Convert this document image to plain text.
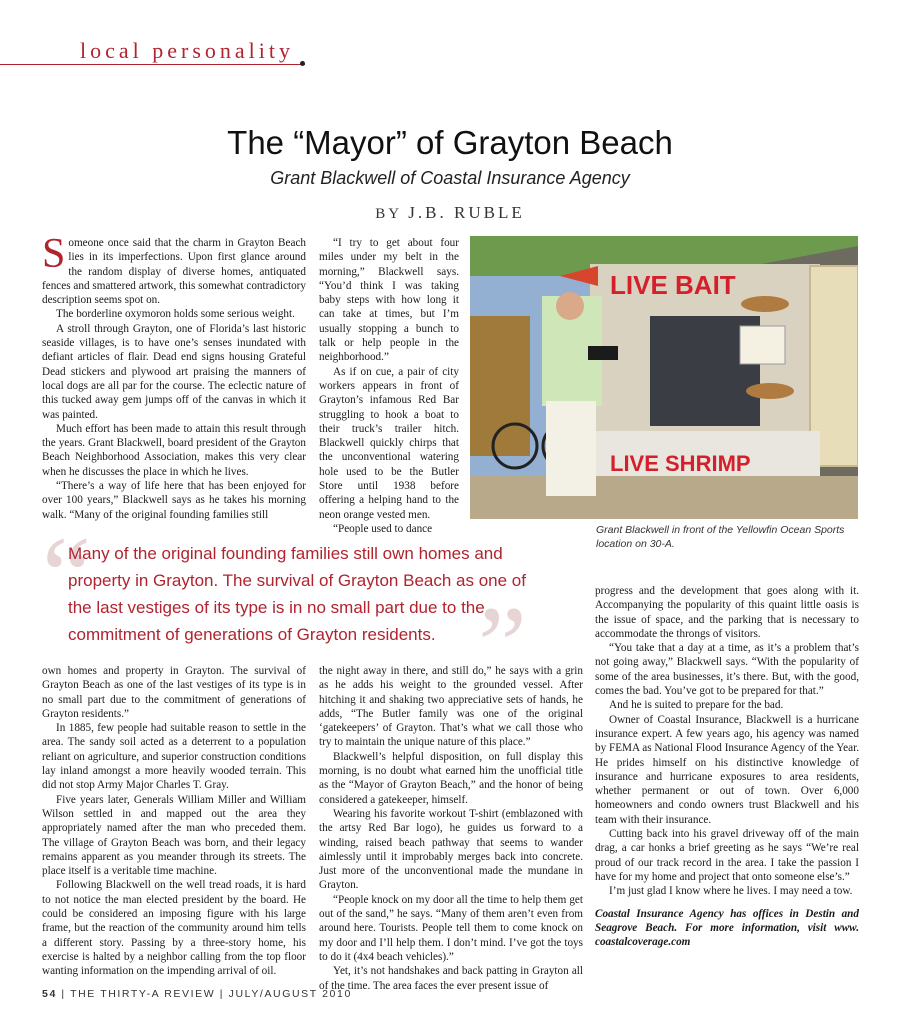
local personality
The “Mayor” of Grayton Beach
Grant Blackwell of Coastal Insurance Agency
BY J.B. RUBLE

Someone once said that the charm in Grayton Beach lies in its imperfections. Upon first glance around the random display of diverse homes, antiquated fences and smattered artwork, this somewhat contradictory description seems spot on.

The borderline oxymoron holds some serious weight.

A stroll through Grayton, one of Florida’s last historic seaside villages, is to have one’s senses inundated with defiant articles of flair. Dead end signs housing Grateful Dead stickers and plywood art praising the manners of local dogs are all par for the course. The eclectic nature of this tucked away gem jumps off of the canvas in which it was painted.

Much effort has been made to attain this result through the years. Grant Blackwell, board president of the Grayton Beach Neighborhood Association, makes this very clear when he discusses the place in which he lives.

“There’s a way of life here that has been enjoyed for over 100 years,” Blackwell says as he takes his morning walk. “Many of the original founding families still

“I try to get about four miles under my belt in the morning,” Blackwell says. “You’d think I was taking baby steps with how long it can take at times, but I’m usually stopping a bunch to talk or help people in the neighborhood.”

As if on cue, a pair of city workers appears in front of Grayton’s infamous Red Bar struggling to hook a boat to their truck’s trailer hitch. Blackwell quickly chirps that the unconventional watering hole used to be the Butler Store until 1938 before offering a helping hand to the neon orange vested men.

“People used to dance

LIVE BAIT
LIVE SHRIMP
Grant Blackwell in front of the Yellowfin Ocean Sports location on 30-A.
“
”
Many of the original founding families still own homes and property in Grayton. The survival of Grayton Beach as one of the last vestiges of its type is in no small part due to the commitment of generations of Grayton residents.

own homes and property in Grayton. The survival of Grayton Beach as one of the last vestiges of its type is in no small part due to the commitment of generations of Grayton residents.”

In 1885, few people had suitable reason to settle in the area. The sandy soil acted as a deterrent to a population reliant on agriculture, and superior construction conditions lay inland amongst a more heavily wooded terrain. This did not stop Army Major Charles T. Gray.

Five years later, Generals William Miller and William Wilson settled in and mapped out the area they appropriately named after the man who preceded them. The village of Grayton Beach was born, and their legacy remains apparent as you meander through its streets. The place itself is a veritable time machine.

Following Blackwell on the well tread roads, it is hard to not notice the man elected president by the board. He could be considered an imposing figure with his large frame, but the reaction of the community around him tells a different story. Passing by a three-story home, his exercise is halted by a neighbor calling from the top floor wanting information on the impending arrival of oil.

the night away in there, and still do,” he says with a grin as he adds his weight to the grounded vessel. After hitching it and shaking two appreciative sets of hands, he adds, “The Butler family was one of the original ‘gatekeepers’ of Grayton. That’s what we call those who try to maintain the unique nature of this place.”

Blackwell’s helpful disposition, on full display this morning, is no doubt what earned him the unofficial title as the “Mayor of Grayton Beach,” and the honor of being considered a gatekeeper, himself.

Wearing his favorite workout T-shirt (emblazoned with the artsy Red Bar logo), he guides us forward to a winding, raised beach pathway that seems to wander aimlessly until it improbably merges back into concrete. Just more of the unconventional made the mundane in Grayton.

“People knock on my door all the time to help them get out of the sand,” he says. “Many of them aren’t even from around here. Tourists. People tell them to come knock on my door and I’ll help them. I don’t mind. I’ve got the toys to do it (4x4 beach vehicles).”

Yet, it’s not handshakes and back patting in Grayton all of the time. The area faces the ever present issue of

progress and the development that goes along with it. Accompanying the popularity of this quaint little oasis is the issue of space, and the parking that is necessary to accommodate the throngs of visitors.

“You take that a day at a time, as it’s a problem that’s not going away,” Blackwell says. “With the popularity of some of the area businesses, it’s there. But, with the good, comes the bad. You’ve got to be prepared for that.”

And he is suited to prepare for the bad.

Owner of Coastal Insurance, Blackwell is a hurricane insurance expert. A few years ago, his agency was named by FEMA as National Flood Insurance Agency of the Year. He prides himself on his distinctive knowledge of insurance and hurricane exposures to area residents, whether permanent or out of town. Over 6,000 homeowners and condo owners trust Blackwell and his team with their insurance.

Cutting back into his gravel driveway off of the main drag, a car honks a brief greeting as he says “We’re real proud of our track record in the area. I take the passion I have for my home and project that onto someone else’s.”

I’m just glad I know where he lives. I may need a tow.

Coastal Insurance Agency has offices in Destin and Seagrove Beach. For more information, visit www. coastalcoverage.com

54 | THE THIRTY-A REVIEW | JULY/AUGUST 2010
